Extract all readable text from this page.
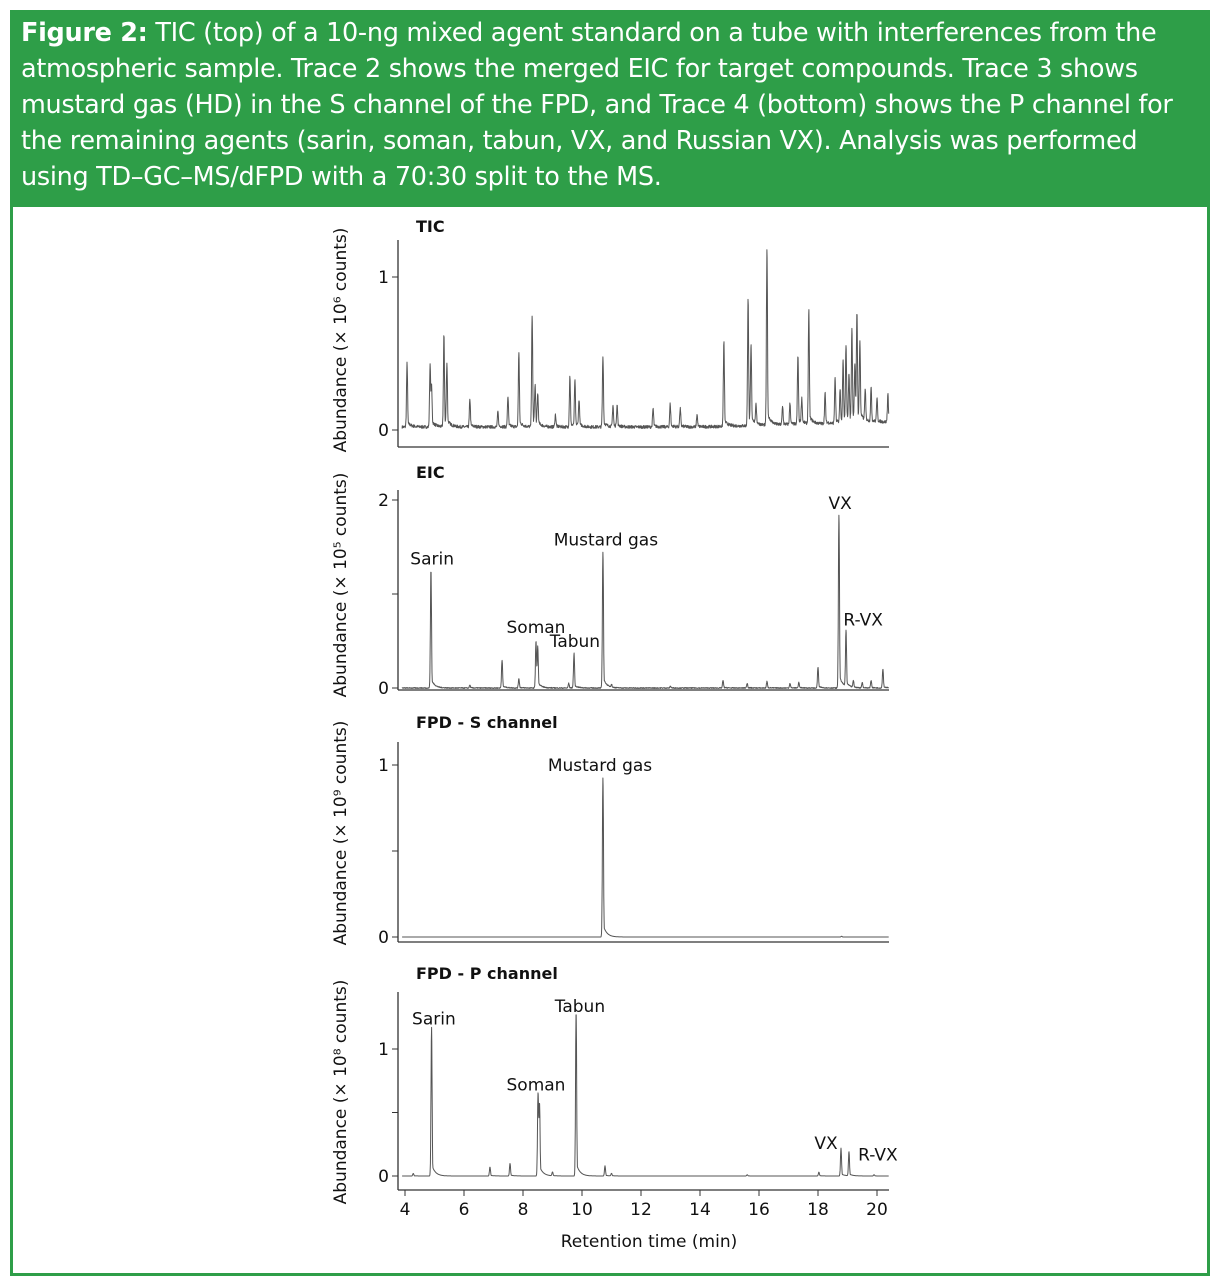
Figure 2: TIC (top) of a 10-ng mixed agent standard on a tube with interferences from the atmospheric sample. Trace 2 shows the merged EIC for target compounds. Trace 3 shows mustard gas (HD) in the S channel of the FPD, and Trace 4 (bottom) shows the P channel for the remaining agents (sarin, soman, tabun, VX, and Russian VX). Analysis was performed using TD–GC–MS/dFPD with a 70:30 split to the MS.
TIC
Abundance (× 10⁶ counts) 0
1
EIC
Abundance (× 10⁵ counts) 0
2
Sarin
Mustard gas
Soman
Tabun
VX
R-VX
FPD - S channel
Abundance (× 10⁹ counts) 0
1	Mustard gas
FPD - P channel
Abundance (× 10⁸ counts) 0
1
4	6	8	10 12 14 16 18 20
Retention time (min)
Sarin
Tabun
Soman
VX
R-VX
